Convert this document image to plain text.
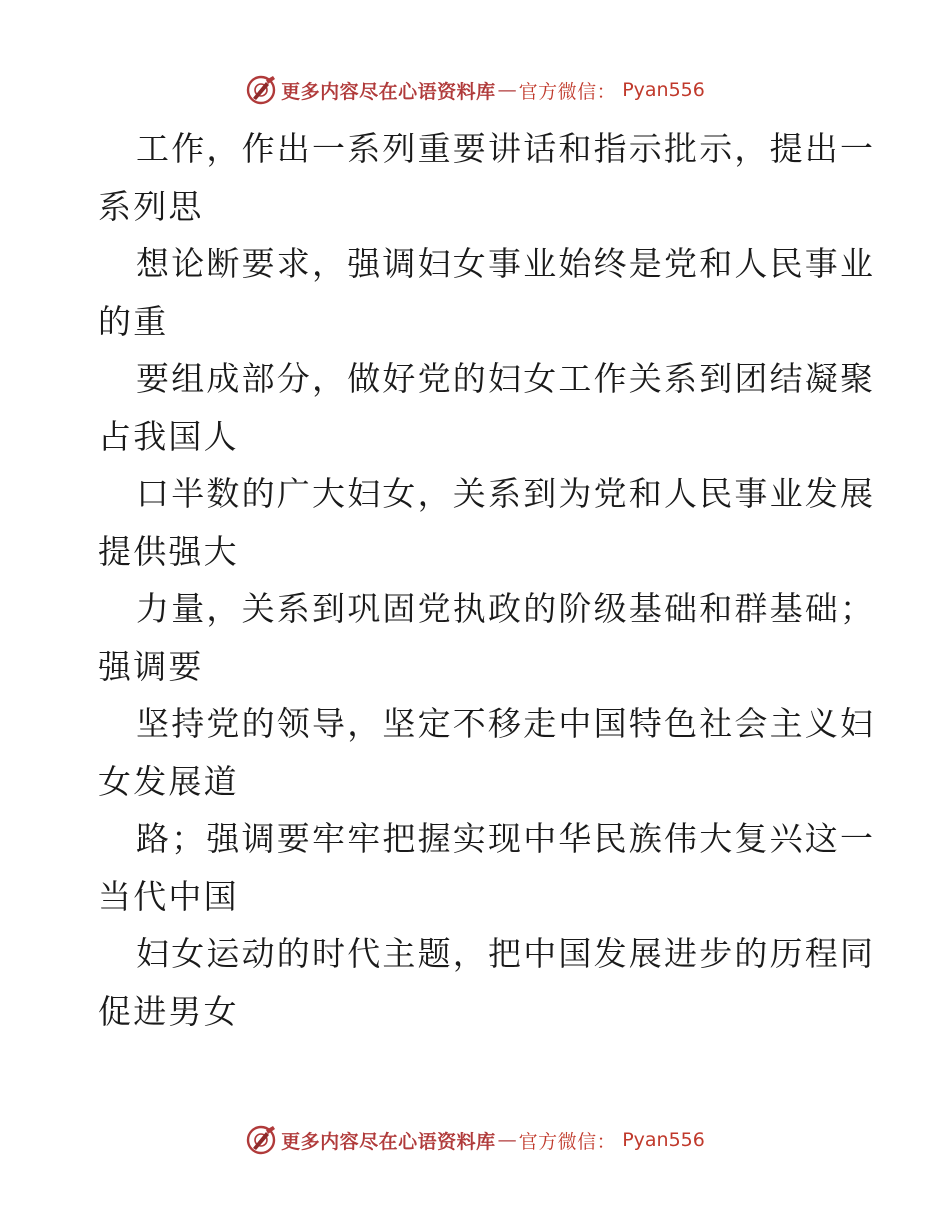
更多内容尽在心语资料库 — 官方微信： Pyan556
工作，作出一系列重要讲话和指示批示，提出一
系列思
想论断要求，强调妇女事业始终是党和人民事业
的重
要组成部分，做好党的妇女工作关系到团结凝聚
占我国人
口半数的广大妇女，关系到为党和人民事业发展
提供强大
力量，关系到巩固党执政的阶级基础和群基础；
强调要
坚持党的领导，坚定不移走中国特色社会主义妇
女发展道
路；强调要牢牢把握实现中华民族伟大复兴这一
当代中国
妇女运动的时代主题，把中国发展进步的历程同
促进男女
更多内容尽在心语资料库 — 官方微信： Pyan556
